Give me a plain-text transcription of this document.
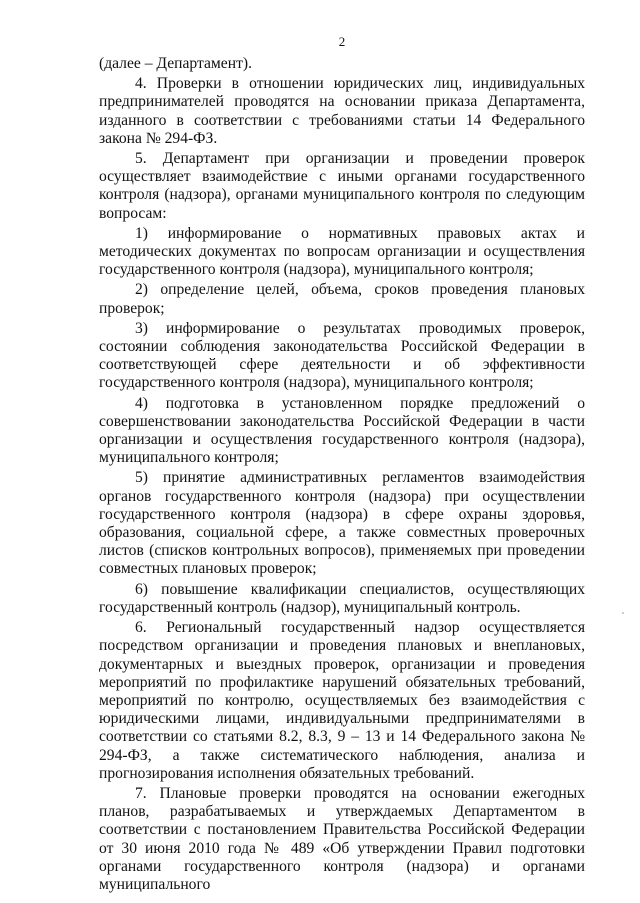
2

(далее – Департамент).

4. Проверки в отношении юридических лиц, индивидуальных предпринимателей проводятся на основании приказа Департамента, изданного в соответствии с требованиями статьи 14 Федерального закона № 294-ФЗ.

5. Департамент при организации и проведении проверок осуществляет взаимодействие с иными органами государственного контроля (надзора), органами муниципального контроля по следующим вопросам:

1) информирование о нормативных правовых актах и методических документах по вопросам организации и осуществления государственного контроля (надзора), муниципального контроля;

2) определение целей, объема, сроков проведения плановых проверок;

3) информирование о результатах проводимых проверок, состоянии соблюдения законодательства Российской Федерации в соответствующей сфере деятельности и об эффективности государственного контроля (надзора), муниципального контроля;

4) подготовка в установленном порядке предложений о совершенствовании законодательства Российской Федерации в части организации и осуществления государственного контроля (надзора), муниципального контроля;

5) принятие административных регламентов взаимодействия органов государственного контроля (надзора) при осуществлении государственного контроля (надзора) в сфере охраны здоровья, образования, социальной сфере, а также совместных проверочных листов (списков контрольных вопросов), применяемых при проведении совместных плановых проверок;

6) повышение квалификации специалистов, осуществляющих государственный контроль (надзор), муниципальный контроль.

6. Региональный государственный надзор осуществляется посредством организации и проведения плановых и внеплановых, документарных и выездных проверок, организации и проведения мероприятий по профилактике нарушений обязательных требований, мероприятий по контролю, осуществляемых без взаимодействия с юридическими лицами, индивидуальными предпринимателями в соответствии со статьями 8.2, 8.3, 9 – 13 и 14 Федерального закона № 294-ФЗ, а также систематического наблюдения, анализа и прогнозирования исполнения обязательных требований.

7. Плановые проверки проводятся на основании ежегодных планов, разрабатываемых и утверждаемых Департаментом в соответствии с постановлением Правительства Российской Федерации от 30 июня 2010 года № 489 «Об утверждении Правил подготовки органами государственного контроля (надзора) и органами муниципального
